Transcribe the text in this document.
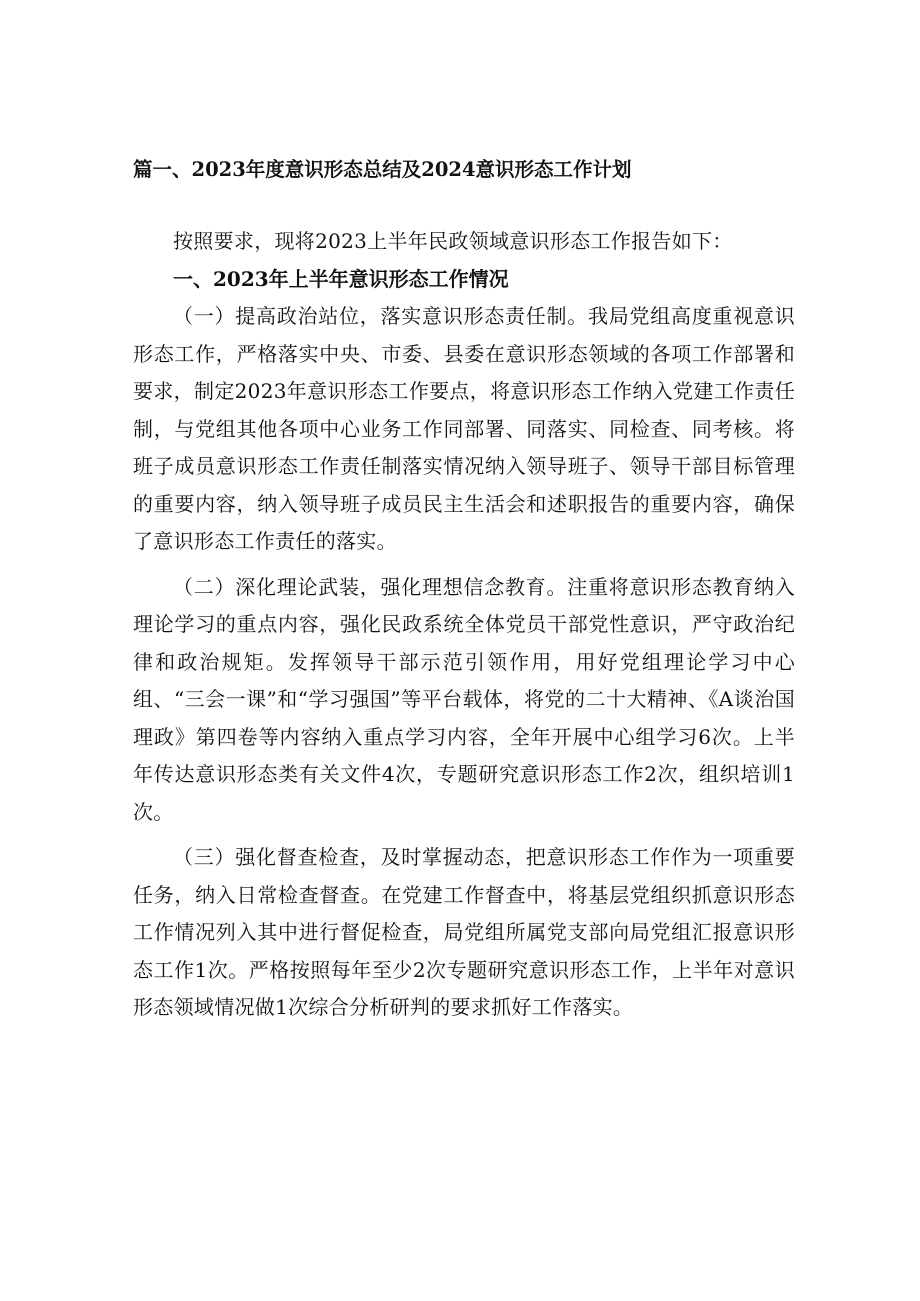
篇一、2023年度意识形态总结及2024意识形态工作计划

按照要求，现将2023上半年民政领域意识形态工作报告如下：

一、2023年上半年意识形态工作情况

（一）提高政治站位，落实意识形态责任制。我局党组高度重视意识形态工作，严格落实中央、市委、县委在意识形态领域的各项工作部署和要求，制定2023年意识形态工作要点，将意识形态工作纳入党建工作责任制，与党组其他各项中心业务工作同部署、同落实、同检查、同考核。将班子成员意识形态工作责任制落实情况纳入领导班子、领导干部目标管理的重要内容，纳入领导班子成员民主生活会和述职报告的重要内容，确保了意识形态工作责任的落实。

（二）深化理论武装，强化理想信念教育。注重将意识形态教育纳入理论学习的重点内容，强化民政系统全体党员干部党性意识，严守政治纪律和政治规矩。发挥领导干部示范引领作用，用好党组理论学习中心组、“三会一课”和“学习强国”等平台载体，将党的二十大精神、《A谈治国理政》第四卷等内容纳入重点学习内容，全年开展中心组学习6次。上半年传达意识形态类有关文件4次，专题研究意识形态工作2次，组织培训1次。

（三）强化督查检查，及时掌握动态，把意识形态工作作为一项重要任务，纳入日常检查督查。在党建工作督查中，将基层党组织抓意识形态工作情况列入其中进行督促检查，局党组所属党支部向局党组汇报意识形态工作1次。严格按照每年至少2次专题研究意识形态工作，上半年对意识形态领域情况做1次综合分析研判的要求抓好工作落实。
